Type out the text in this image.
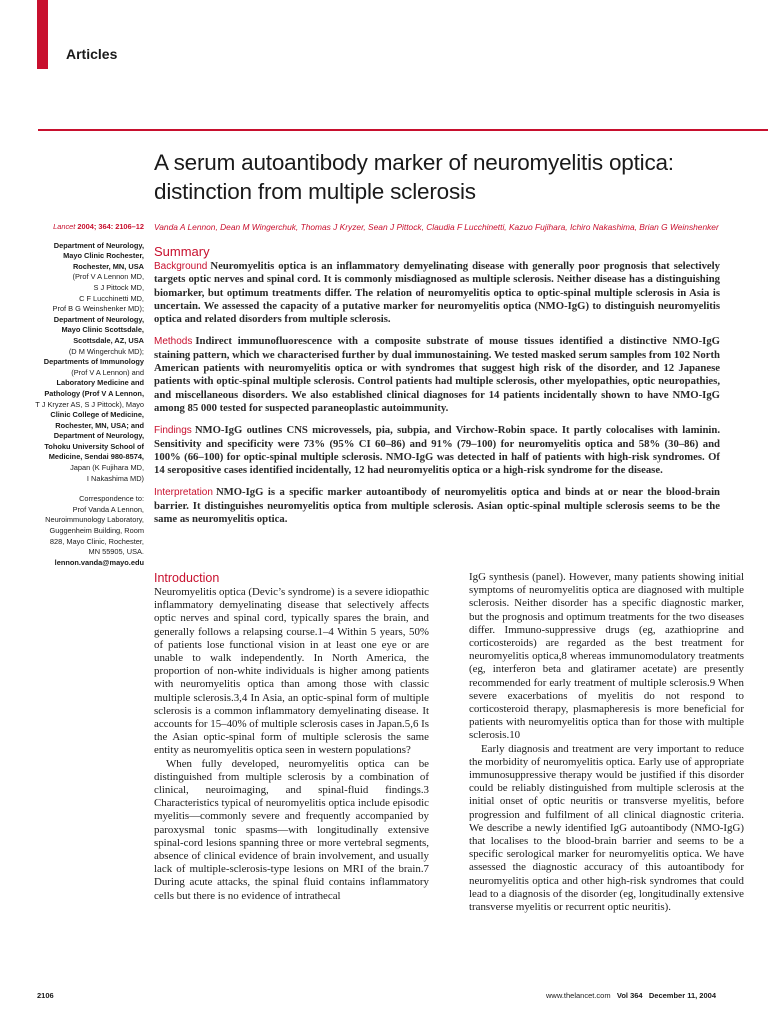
Articles
A serum autoantibody marker of neuromyelitis optica: distinction from multiple sclerosis
Lancet 2004; 364: 2106–12
Department of Neurology,
Mayo Clinic Rochester,
Rochester, MN, USA
(Prof V A Lennon MD,
S J Pittock MD,
C F Lucchinetti MD,
Prof B G Weinshenker MD);
Department of Neurology,
Mayo Clinic Scottsdale,
Scottsdale, AZ, USA
(D M Wingerchuk MD);
Departments of Immunology
(Prof V A Lennon) and
Laboratory Medicine and
Pathology (Prof V A Lennon,
T J Kryzer AS, S J Pittock), Mayo
Clinic College of Medicine,
Rochester, MN, USA; and
Department of Neurology,
Tohoku University School of
Medicine, Sendai 980-8574,
Japan (K Fujihara MD,
I Nakashima MD)
Correspondence to:
Prof Vanda A Lennon,
Neuroimmunology Laboratory,
Guggenheim Building, Room
828, Mayo Clinic, Rochester,
MN 55905, USA.
lennon.vanda@mayo.edu
Vanda A Lennon, Dean M Wingerchuk, Thomas J Kryzer, Sean J Pittock, Claudia F Lucchinetti, Kazuo Fujihara, Ichiro Nakashima, Brian G Weinshenker
Summary

Background Neuromyelitis optica is an inflammatory demyelinating disease with generally poor prognosis that selectively targets optic nerves and spinal cord. It is commonly misdiagnosed as multiple sclerosis. Neither disease has a distinguishing biomarker, but optimum treatments differ. The relation of neuromyelitis optica to optic-spinal multiple sclerosis in Asia is uncertain. We assessed the capacity of a putative marker for neuromyelitis optica (NMO-IgG) to distinguish neuromyelitis optica and related disorders from multiple sclerosis.

Methods Indirect immunofluorescence with a composite substrate of mouse tissues identified a distinctive NMO-IgG staining pattern, which we characterised further by dual immunostaining. We tested masked serum samples from 102 North American patients with neuromyelitis optica or with syndromes that suggest high risk of the disorder, and 12 Japanese patients with optic-spinal multiple sclerosis. Control patients had multiple sclerosis, other myelopathies, optic neuropathies, and miscellaneous disorders. We also established clinical diagnoses for 14 patients incidentally shown to have NMO-IgG among 85 000 tested for suspected paraneoplastic autoimmunity.

Findings NMO-IgG outlines CNS microvessels, pia, subpia, and Virchow-Robin space. It partly colocalises with laminin. Sensitivity and specificity were 73% (95% CI 60–86) and 91% (79–100) for neuromyelitis optica and 58% (30–86) and 100% (66–100) for optic-spinal multiple sclerosis. NMO-IgG was detected in half of patients with high-risk syndromes. Of 14 seropositive cases identified incidentally, 12 had neuromyelitis optica or a high-risk syndrome for the disease.

Interpretation NMO-IgG is a specific marker autoantibody of neuromyelitis optica and binds at or near the blood-brain barrier. It distinguishes neuromyelitis optica from multiple sclerosis. Asian optic-spinal multiple sclerosis seems to be the same as neuromyelitis optica.

Introduction

Neuromyelitis optica (Devic’s syndrome) is a severe idiopathic inflammatory demyelinating disease that selectively affects optic nerves and spinal cord, typically spares the brain, and generally follows a relapsing course.1–4 Within 5 years, 50% of patients lose functional vision in at least one eye or are unable to walk independently. In North America, the proportion of non-white individuals is higher among patients with neuromyelitis optica than among those with classic multiple sclerosis.3,4 In Asia, an optic-spinal form of multiple sclerosis is a common inflammatory demyelinating disease. It accounts for 15–40% of multiple sclerosis cases in Japan.5,6 Is the Asian optic-spinal form of multiple sclerosis the same entity as neuromyelitis optica seen in western populations?

When fully developed, neuromyelitis optica can be distinguished from multiple sclerosis by a combination of clinical, neuroimaging, and spinal-fluid findings.3 Characteristics typical of neuromyelitis optica include episodic myelitis—commonly severe and frequently accompanied by paroxysmal tonic spasms—with longitudinally extensive spinal-cord lesions spanning three or more vertebral segments, absence of clinical evidence of brain involvement, and usually lack of multiple-sclerosis-type lesions on MRI of the brain.7 During acute attacks, the spinal fluid contains inflammatory cells but there is no evidence of intrathecal

IgG synthesis (panel). However, many patients showing initial symptoms of neuromyelitis optica are diagnosed with multiple sclerosis. Neither disorder has a specific diagnostic marker, but the prognosis and optimum treatments for the two diseases differ. Immuno-suppressive drugs (eg, azathioprine and corticosteroids) are regarded as the best treatment for neuromyelitis optica,8 whereas immunomodulatory treatments (eg, interferon beta and glatiramer acetate) are presently recommended for early treatment of multiple sclerosis.9 When severe exacerbations of myelitis do not respond to corticosteroid therapy, plasmapheresis is more beneficial for patients with neuromyelitis optica than for those with multiple sclerosis.10

Early diagnosis and treatment are very important to reduce the morbidity of neuromyelitis optica. Early use of appropriate immunosuppressive therapy would be justified if this disorder could be reliably distinguished from multiple sclerosis at the initial onset of optic neuritis or transverse myelitis, before progression and fulfilment of all clinical diagnostic criteria. We describe a newly identified IgG autoantibody (NMO-IgG) that localises to the blood-brain barrier and seems to be a specific serological marker for neuromyelitis optica. We have assessed the diagnostic accuracy of this autoantibody for neuromyelitis optica and other high-risk syndromes that could lead to a diagnosis of the disorder (eg, longitudinally extensive transverse myelitis or recurrent optic neuritis).

2106	www.thelancet.com Vol 364 December 11, 2004
